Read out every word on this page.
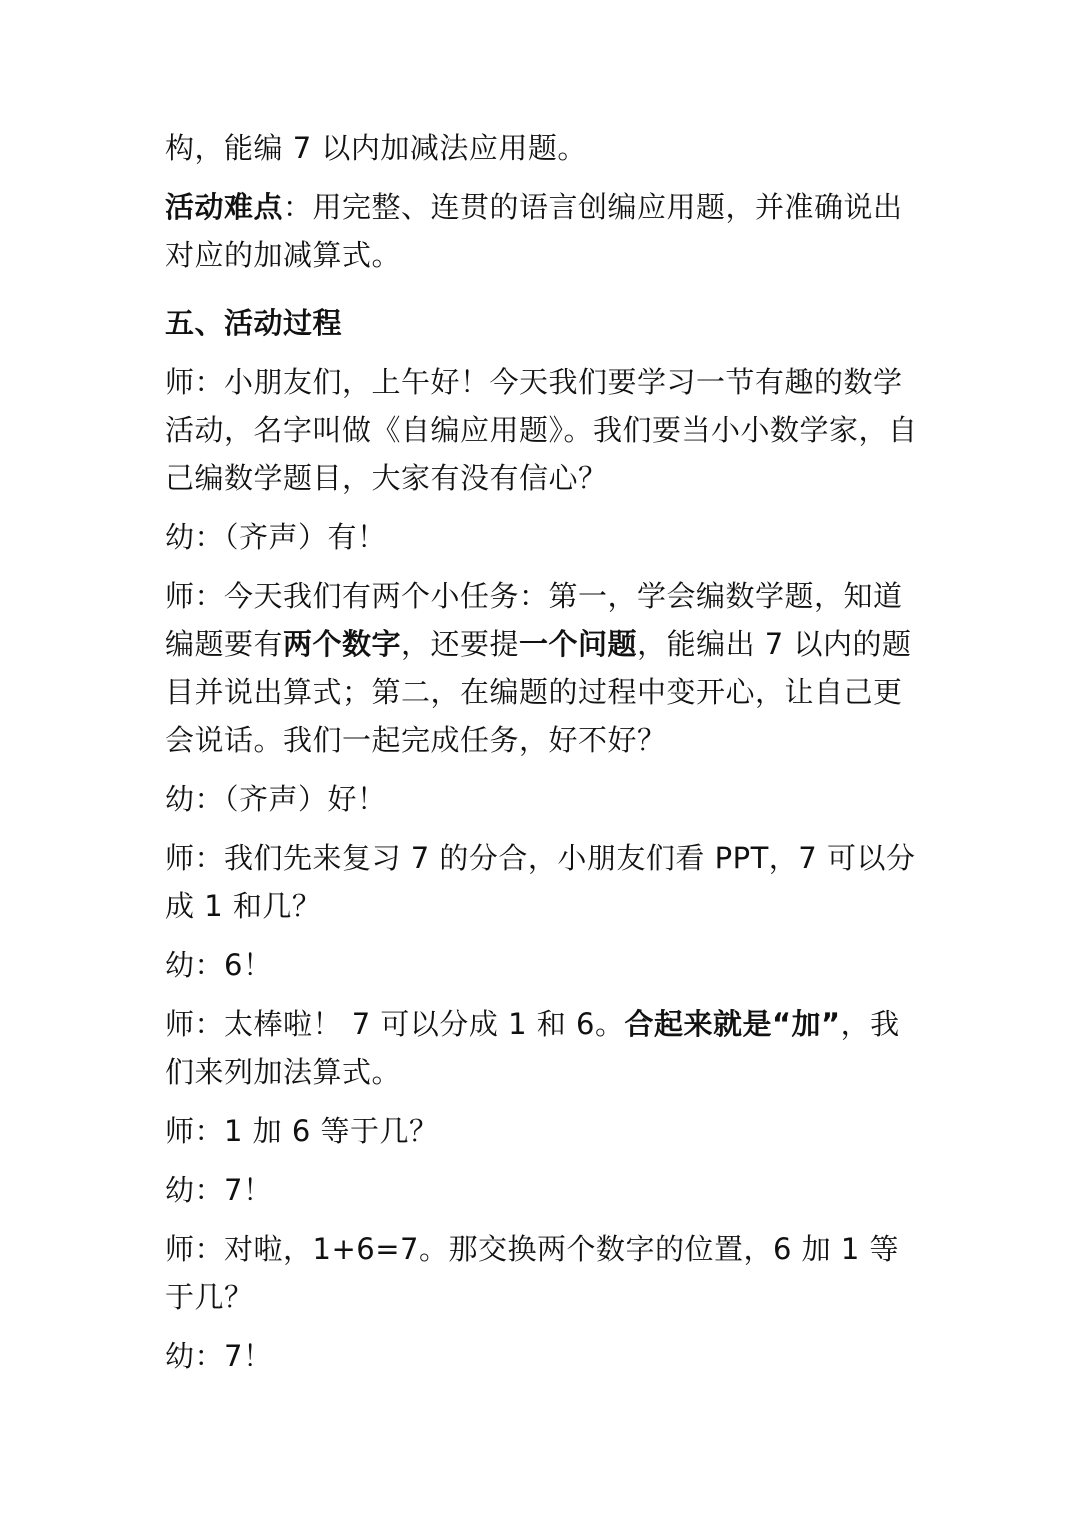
构，能编 7 以内加减法应用题。

活动难点：用完整、连贯的语言创编应用题，并准确说出对应的加减算式。

五、活动过程

师：小朋友们，上午好！今天我们要学习一节有趣的数学活动，名字叫做《自编应用题》。我们要当小小数学家，自己编数学题目，大家有没有信心？

幼：（齐声）有！

师：今天我们有两个小任务：第一，学会编数学题，知道编题要有两个数字，还要提一个问题，能编出 7 以内的题目并说出算式；第二，在编题的过程中变开心，让自己更会说话。我们一起完成任务，好不好？

幼：（齐声）好！

师：我们先来复习 7 的分合，小朋友们看 PPT，7 可以分成 1 和几？

幼：6！

师：太棒啦！ 7 可以分成 1 和 6。合起来就是“加”，我们来列加法算式。

师：1 加 6 等于几？

幼：7！

师：对啦，1+6=7。那交换两个数字的位置，6 加 1 等于几？

幼：7！
